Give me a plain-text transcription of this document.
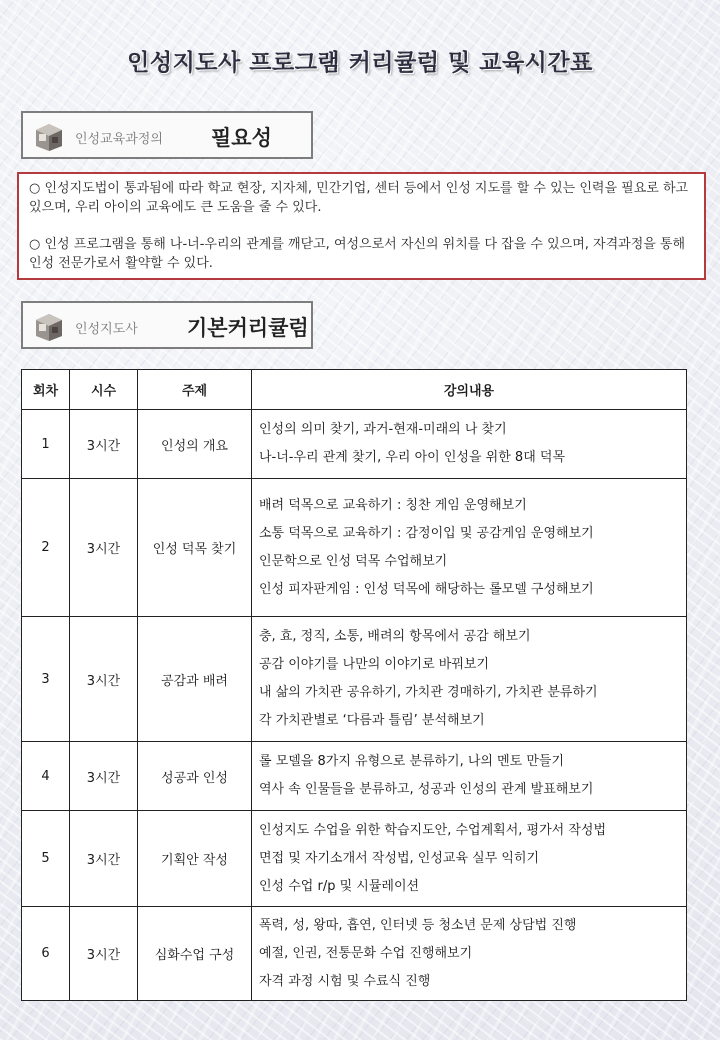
인성지도사 프로그램 커리큘럼 및 교육시간표
인성교육과정의 필요성

○ 인성지도법이 통과됨에 따라 학교 현장, 지자체, 민간기업, 센터 등에서 인성 지도를 할 수 있는 인력을 필요로 하고 있으며, 우리 아이의 교육에도 큰 도움을 줄 수 있다.

○ 인성 프로그램을 통해 나-너-우리의 관계를 깨닫고, 여성으로서 자신의 위치를 다 잡을 수 있으며, 자격과정을 통해 인성 전문가로서 활약할 수 있다.

인성지도사 기본커리큘럼
회차	시수	주제	강의내용
1	3시간	인성의 개요	인성의 의미 찾기, 과거-현재-미래의 나 찾기
나-너-우리 관계 찾기, 우리 아이 인성을 위한 8대 덕목

2	3시간	인성 덕목 찾기	배려 덕목으로 교육하기 : 칭찬 게임 운영해보기
소통 덕목으로 교육하기 : 감정이입 및 공감게임 운영해보기
인문학으로 인성 덕목 수업해보기
인성 피자판게임 : 인성 덕목에 해당하는 롤모델 구성해보기

3	3시간	공감과 배려	충, 효, 정직, 소통, 배려의 항목에서 공감 해보기
공감 이야기를 나만의 이야기로 바꿔보기
내 삶의 가치관 공유하기, 가치관 경매하기, 가치관 분류하기
각 가치관별로 ‘다름과 틀림’ 분석해보기

4	3시간	성공과 인성	롤 모델을 8가지 유형으로 분류하기, 나의 멘토 만들기
역사 속 인물들을 분류하고, 성공과 인성의 관계 발표해보기

5	3시간	기획안 작성	인성지도 수업을 위한 학습지도안, 수업계획서, 평가서 작성법
면접 및 자기소개서 작성법, 인성교육 실무 익히기
인성 수업 r/p 및 시뮬레이션

6	3시간	심화수업 구성	폭력, 성, 왕따, 흡연, 인터넷 등 청소년 문제 상담법 진행
예절, 인권, 전통문화 수업 진행해보기
자격 과정 시험 및 수료식 진행
